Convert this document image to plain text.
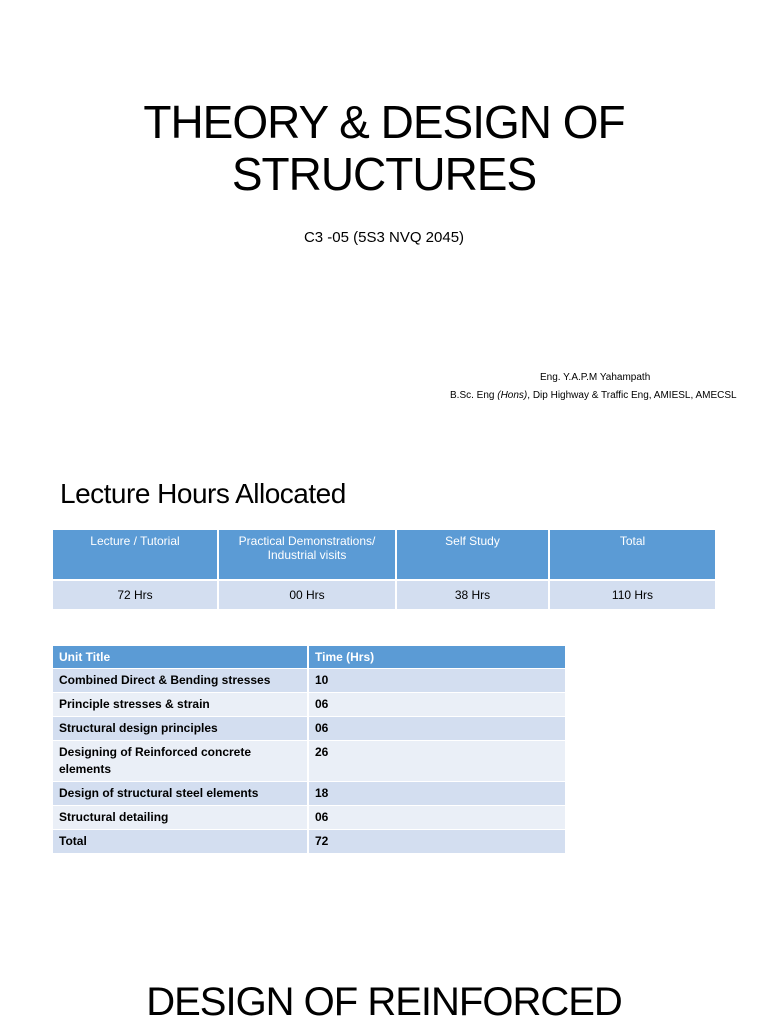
THEORY & DESIGN OF
STRUCTURES
C3 -05 (5S3 NVQ 2045)
Eng. Y.A.P.M Yahampath
B.Sc. Eng (Hons), Dip Highway & Traffic Eng, AMIESL, AMECSL
Lecture Hours Allocated
Lecture / Tutorial	Practical Demonstrations/ Industrial visits	Self Study	Total
72 Hrs	00 Hrs	38 Hrs	110 Hrs
Unit Title	Time (Hrs)
Combined Direct & Bending stresses	10
Principle stresses & strain	06
Structural design principles	06
Designing of Reinforced concrete elements	26
Design of structural steel elements	18
Structural detailing	06
Total	72
DESIGN OF REINFORCED
